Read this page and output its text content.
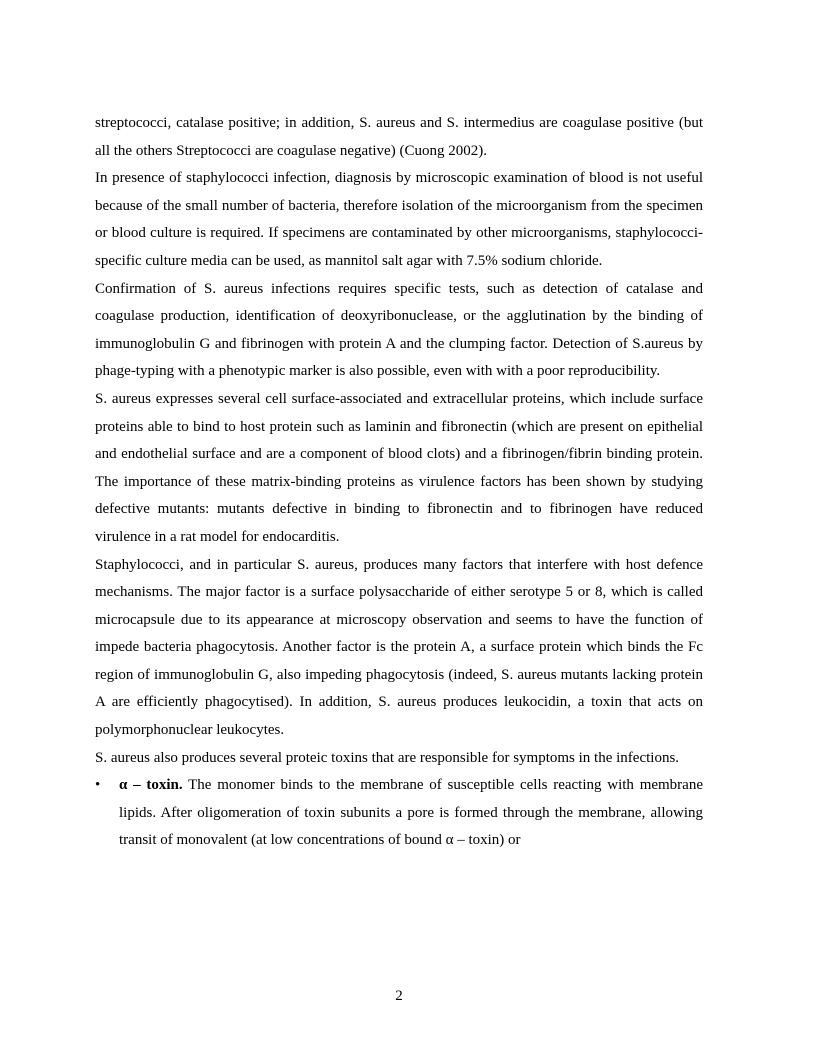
streptococci, catalase positive; in addition, S. aureus and S. intermedius are coagulase positive (but all the others Streptococci are coagulase negative) (Cuong 2002).

In presence of staphylococci infection, diagnosis by microscopic examination of blood is not useful because of the small number of bacteria, therefore isolation of the microorganism from the specimen or blood culture is required. If specimens are contaminated by other microorganisms, staphylococci-specific culture media can be used, as mannitol salt agar with 7.5% sodium chloride.

Confirmation of S. aureus infections requires specific tests, such as detection of catalase and coagulase production, identification of deoxyribonuclease, or the agglutination by the binding of immunoglobulin G and fibrinogen with protein A and the clumping factor. Detection of S.aureus by phage-typing with a phenotypic marker is also possible, even with with a poor reproducibility.

S. aureus expresses several cell surface-associated and extracellular proteins, which include surface proteins able to bind to host protein such as laminin and fibronectin (which are present on epithelial and endothelial surface and are a component of blood clots) and a fibrinogen/fibrin binding protein. The importance of these matrix-binding proteins as virulence factors has been shown by studying defective mutants: mutants defective in binding to fibronectin and to fibrinogen have reduced virulence in a rat model for endocarditis.

Staphylococci, and in particular S. aureus, produces many factors that interfere with host defence mechanisms. The major factor is a surface polysaccharide of either serotype 5 or 8, which is called microcapsule due to its appearance at microscopy observation and seems to have the function of impede bacteria phagocytosis. Another factor is the protein A, a surface protein which binds the Fc region of immunoglobulin G, also impeding phagocytosis (indeed, S. aureus mutants lacking protein A are efficiently phagocytised). In addition, S. aureus produces leukocidin, a toxin that acts on polymorphonuclear leukocytes.

S. aureus also produces several proteic toxins that are responsible for symptoms in the infections.

• α – toxin. The monomer binds to the membrane of susceptible cells reacting with membrane lipids. After oligomeration of toxin subunits a pore is formed through the membrane, allowing transit of monovalent (at low concentrations of bound α – toxin) or

2
